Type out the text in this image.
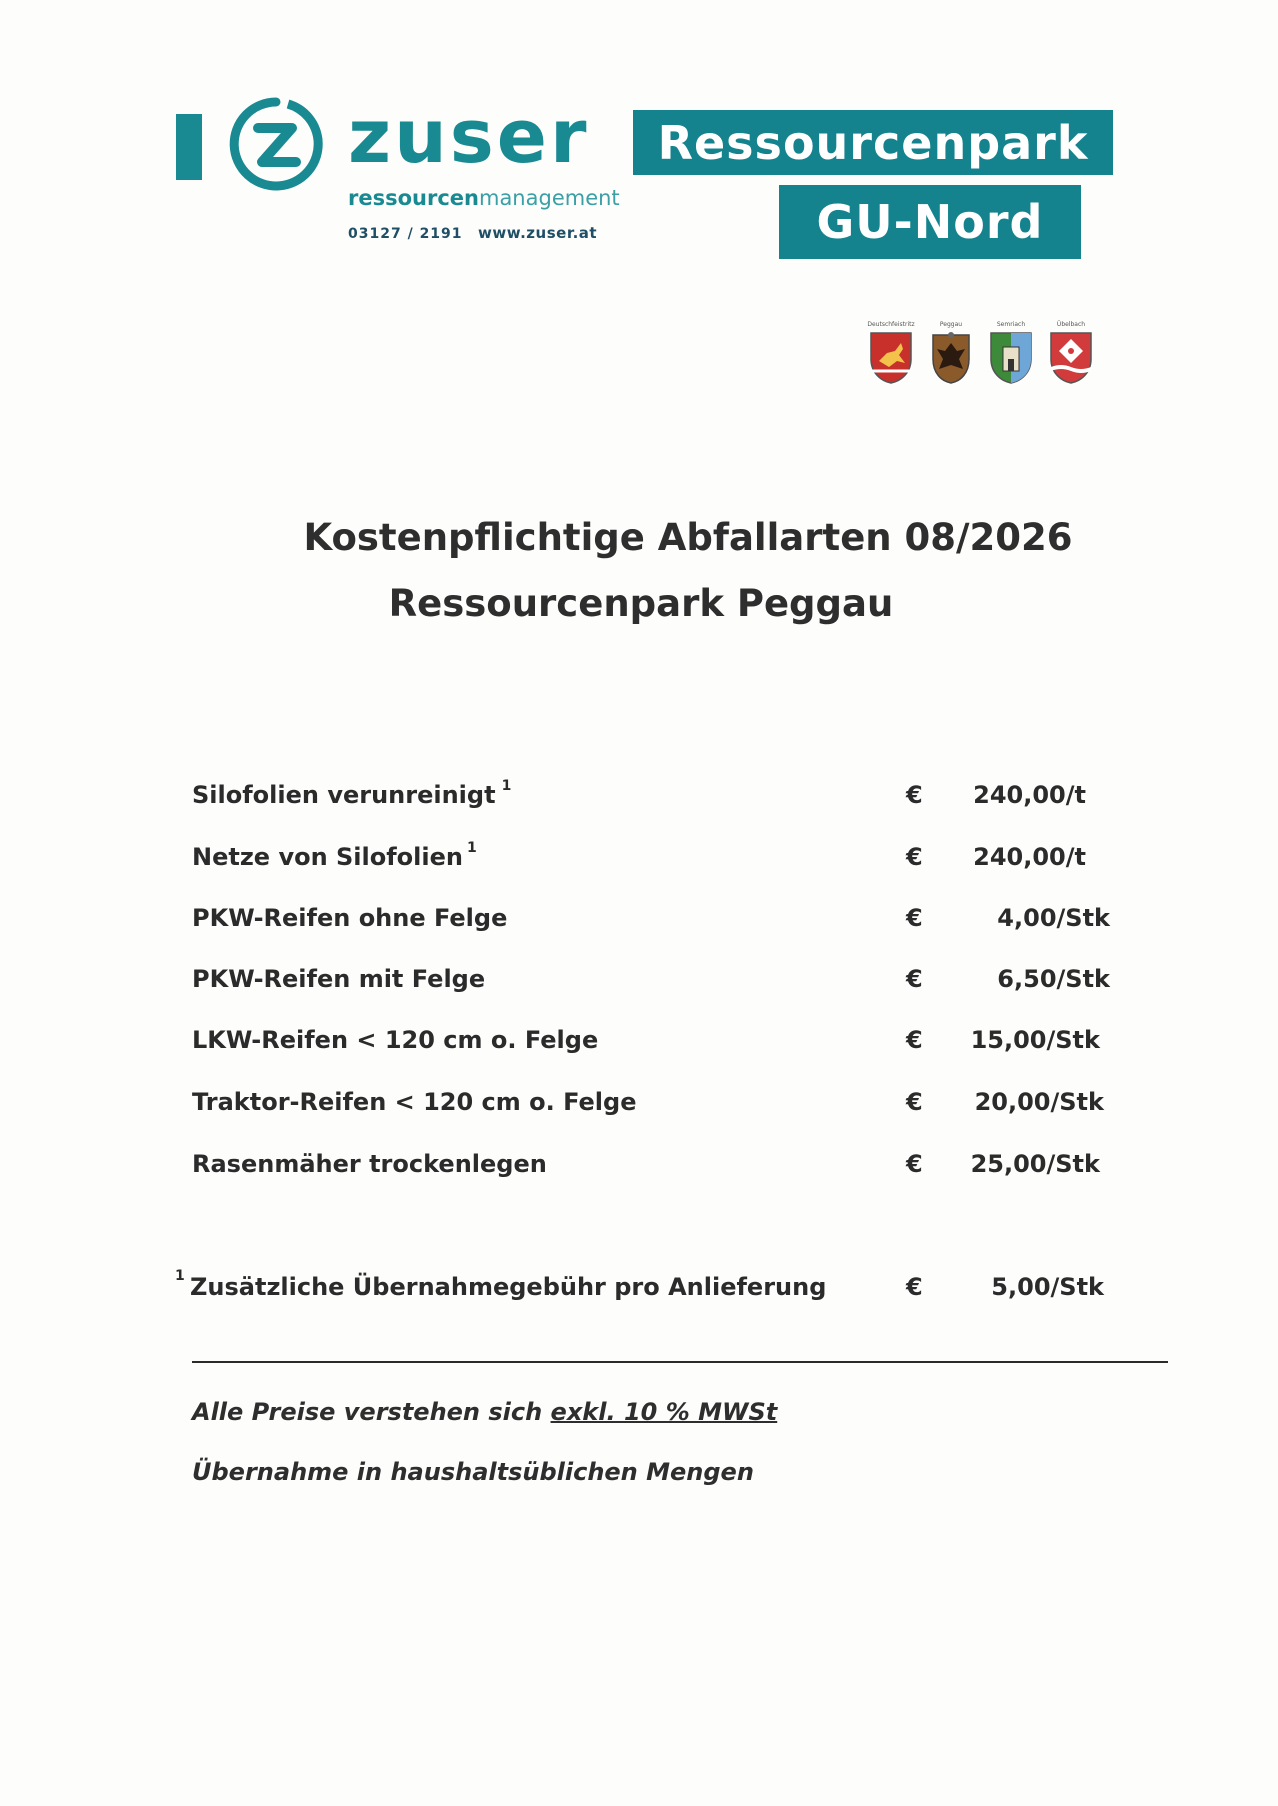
zuser
ressourcenmanagement
03127 / 2191 www.zuser.at
Ressourcenpark
GU-Nord
Deutschfeistritz	Peggau	Semriach	Übelbach
Kostenpflichtige Abfallarten 08/2026
Ressourcenpark Peggau
Silofolien verunreinigt $^1$	€	240,00/t
Netze von Silofolien $^1$	€	240,00/t
PKW-Reifen ohne Felge	€	4,00/Stk
PKW-Reifen mit Felge	€	6,50/Stk
LKW-Reifen < 120 cm o. Felge	€	15,00/Stk
Traktor-Reifen < 120 cm o. Felge	€	20,00/Stk
Rasenmäher trockenlegen	€	25,00/Stk
1 Zusätzliche Übernahmegebühr pro Anlieferung	€	5,00/Stk
Alle Preise verstehen sich exkl. 10 % MWSt
Übernahme in haushaltsüblichen Mengen
